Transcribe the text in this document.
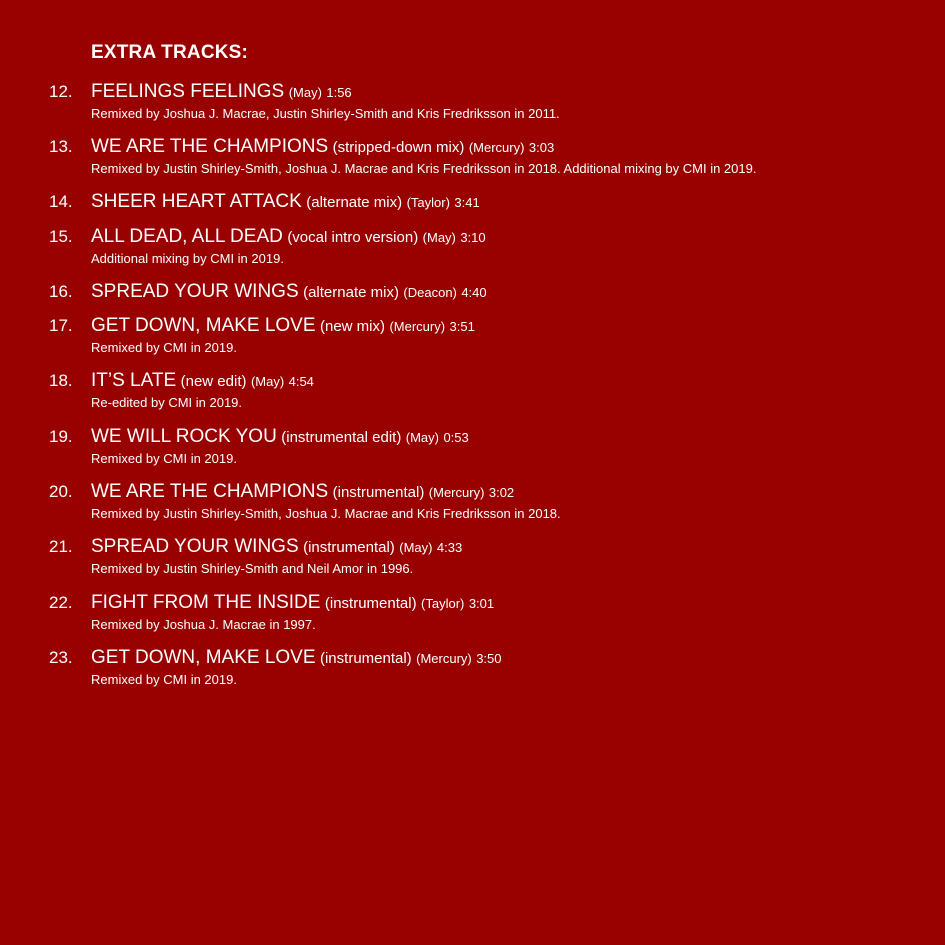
EXTRA TRACKS:
12. FEELINGS FEELINGS (May) 1:56
Remixed by Joshua J. Macrae, Justin Shirley-Smith and Kris Fredriksson in 2011.
13. WE ARE THE CHAMPIONS (stripped-down mix) (Mercury) 3:03
Remixed by Justin Shirley-Smith, Joshua J. Macrae and Kris Fredriksson in 2018. Additional mixing by CMI in 2019.
14. SHEER HEART ATTACK (alternate mix) (Taylor) 3:41
15. ALL DEAD, ALL DEAD (vocal intro version) (May) 3:10
Additional mixing by CMI in 2019.
16. SPREAD YOUR WINGS (alternate mix) (Deacon) 4:40
17. GET DOWN, MAKE LOVE (new mix) (Mercury) 3:51
Remixed by CMI in 2019.
18. IT’S LATE (new edit) (May) 4:54
Re-edited by CMI in 2019.
19. WE WILL ROCK YOU (instrumental edit) (May) 0:53
Remixed by CMI in 2019.
20. WE ARE THE CHAMPIONS (instrumental) (Mercury) 3:02
Remixed by Justin Shirley-Smith, Joshua J. Macrae and Kris Fredriksson in 2018.
21. SPREAD YOUR WINGS (instrumental) (May) 4:33
Remixed by Justin Shirley-Smith and Neil Amor in 1996.
22. FIGHT FROM THE INSIDE (instrumental) (Taylor) 3:01
Remixed by Joshua J. Macrae in 1997.
23. GET DOWN, MAKE LOVE (instrumental) (Mercury) 3:50
Remixed by CMI in 2019.
